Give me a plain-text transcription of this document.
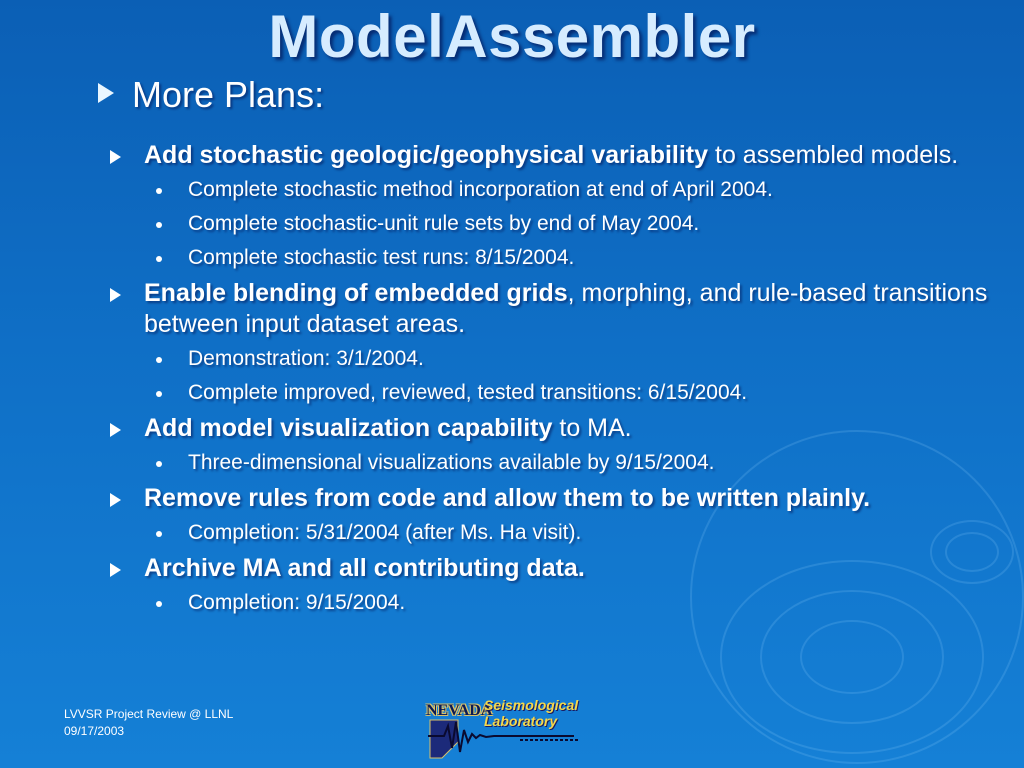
ModelAssembler
More Plans:
Add stochastic geologic/geophysical variability to assembled models.
Complete stochastic method incorporation at end of April 2004.
Complete stochastic-unit rule sets by end of May 2004.
Complete stochastic test runs: 8/15/2004.
Enable blending of embedded grids, morphing, and rule-based transitions between input dataset areas.
Demonstration: 3/1/2004.
Complete improved, reviewed, tested transitions: 6/15/2004.
Add model visualization capability to MA.
Three-dimensional visualizations available by 9/15/2004.
Remove rules from code and allow them to be written plainly.
Completion: 5/31/2004 (after Ms. Ha visit).
Archive MA and all contributing data.
Completion: 9/15/2004.
LVVSR Project Review @ LLNL
09/17/2003
NEVADA
Seismological
Laboratory
